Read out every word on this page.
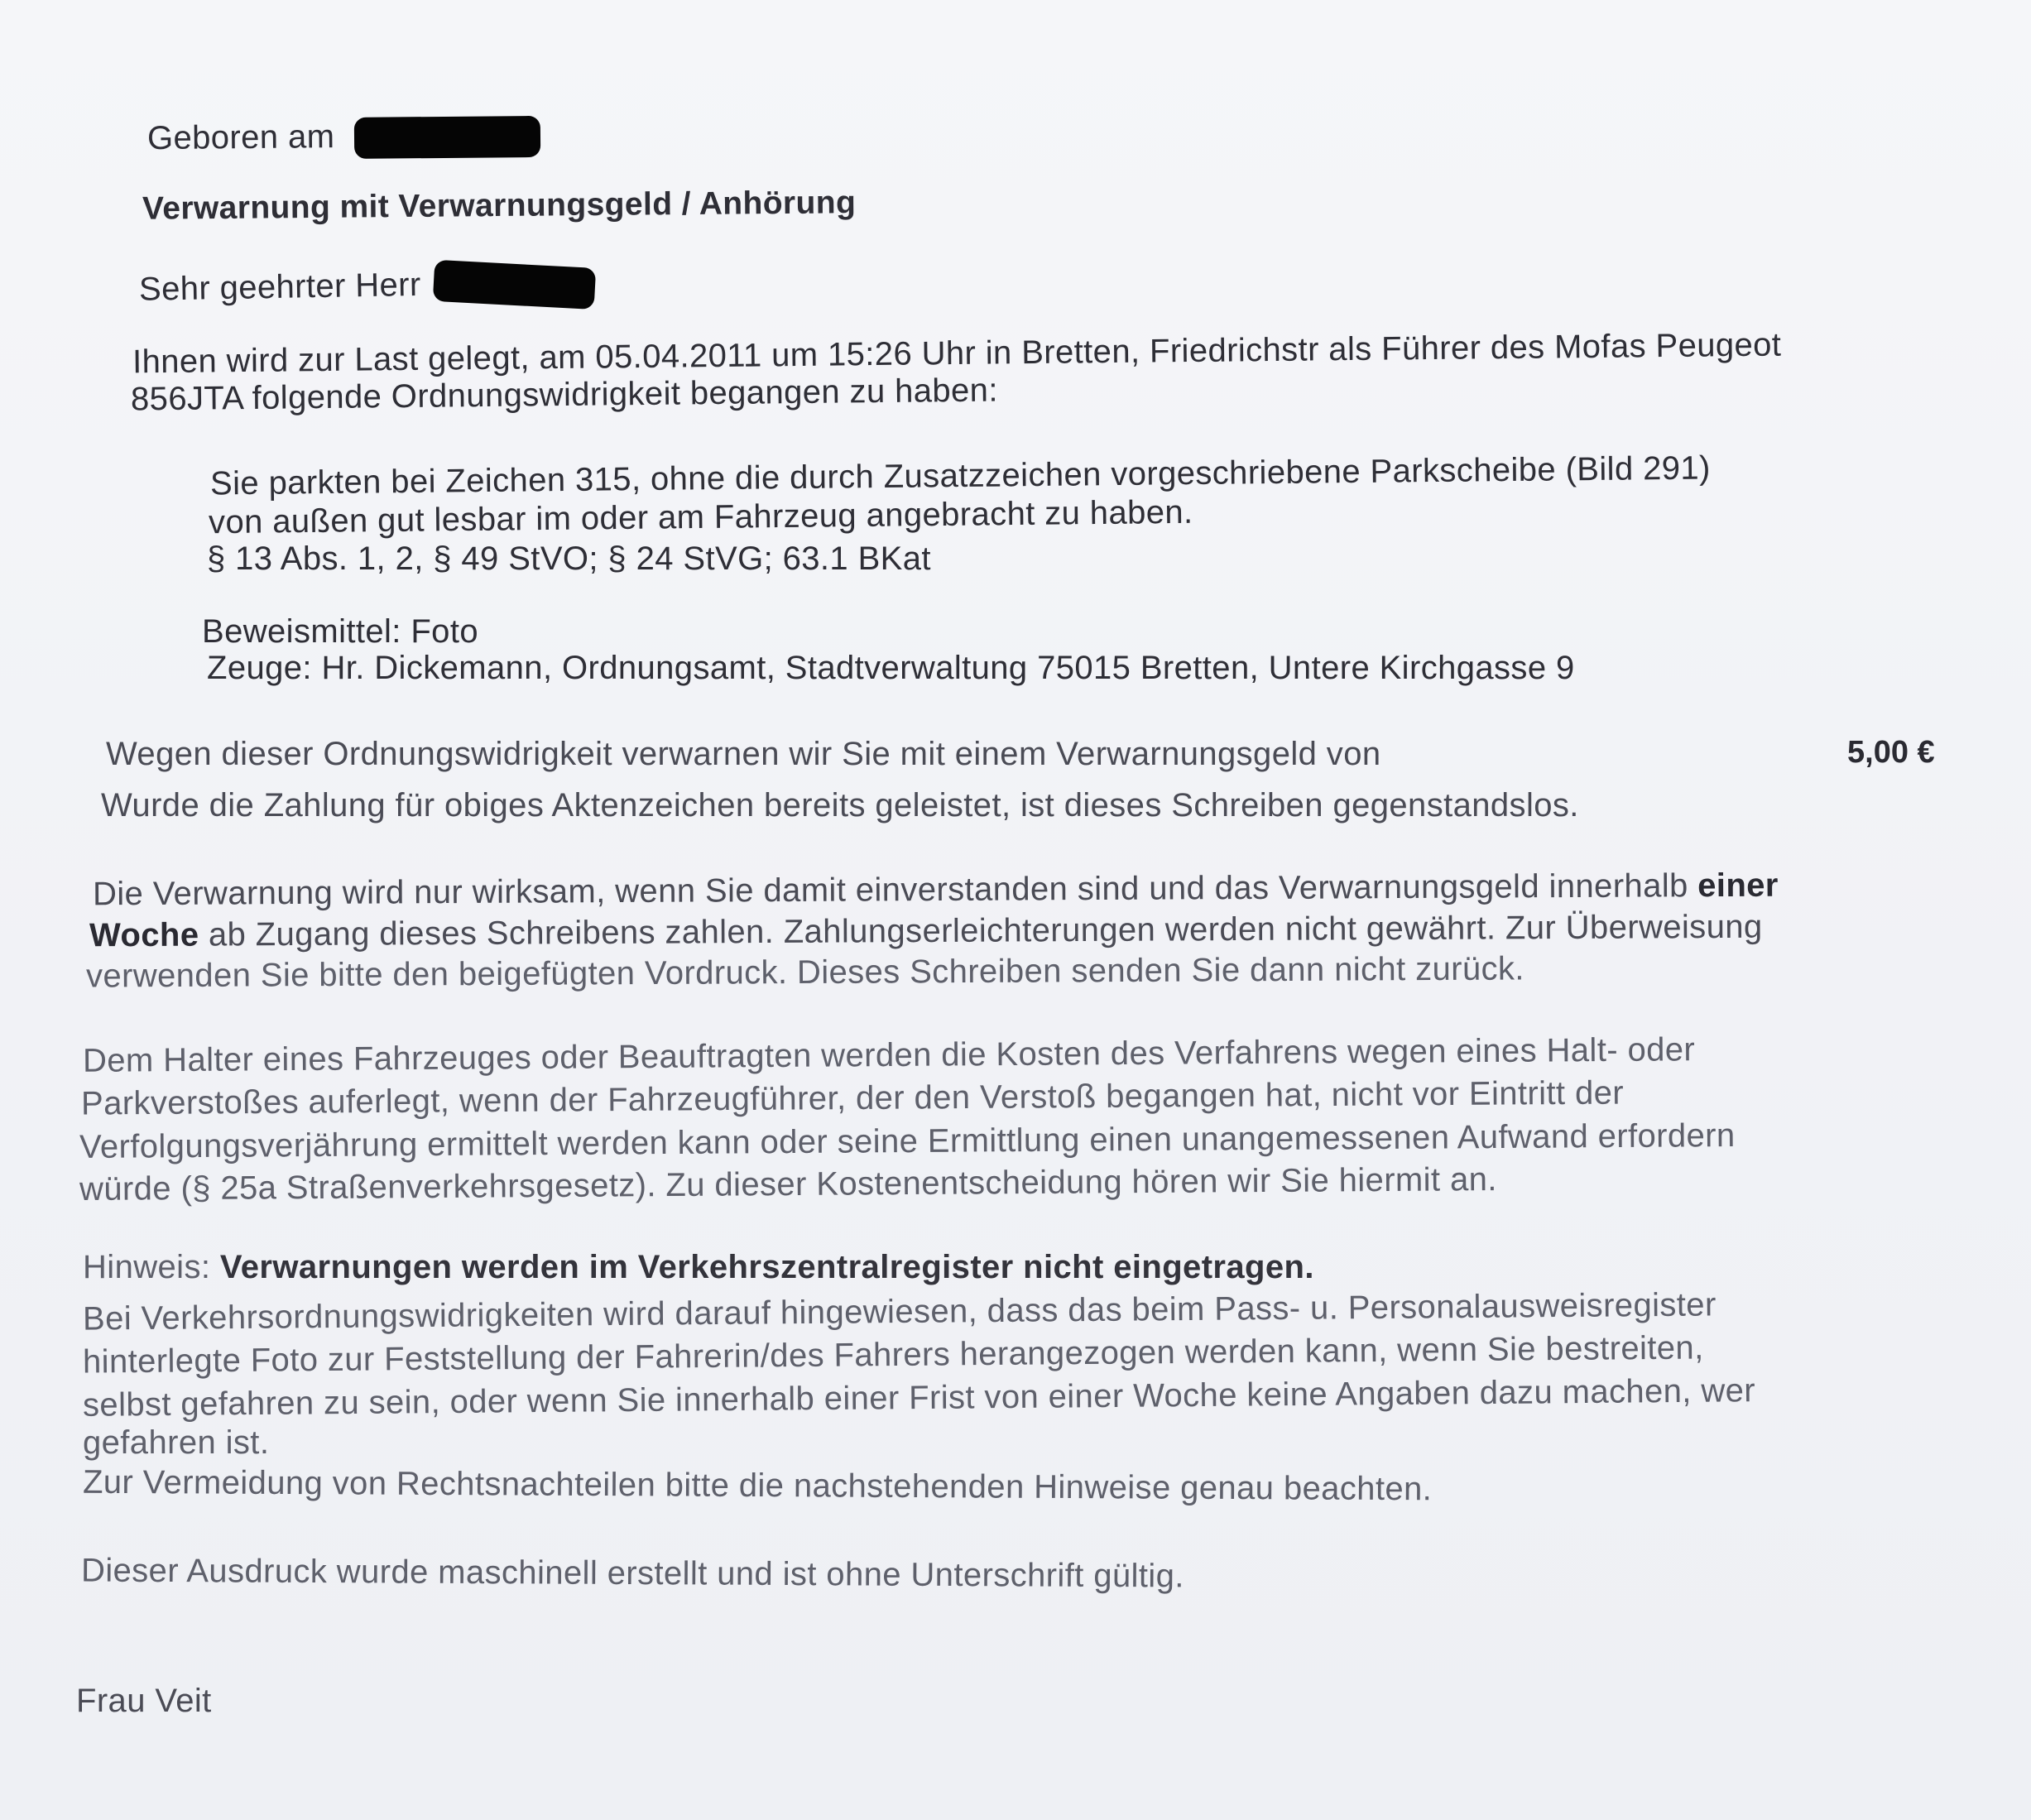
Geboren am
Verwarnung mit Verwarnungsgeld / Anhörung
Sehr geehrter Herr
Ihnen wird zur Last gelegt, am 05.04.2011 um 15:26 Uhr in Bretten, Friedrichstr als Führer des Mofas Peugeot
856JTA folgende Ordnungswidrigkeit begangen zu haben:
Sie parkten bei Zeichen 315, ohne die durch Zusatzzeichen vorgeschriebene Parkscheibe (Bild 291)
von außen gut lesbar im oder am Fahrzeug angebracht zu haben.
§ 13 Abs. 1, 2, § 49 StVO; § 24 StVG; 63.1 BKat
Beweismittel: Foto
Zeuge: Hr. Dickemann, Ordnungsamt, Stadtverwaltung 75015 Bretten, Untere Kirchgasse 9
Wegen dieser Ordnungswidrigkeit verwarnen wir Sie mit einem Verwarnungsgeld von	5,00 €
Wurde die Zahlung für obiges Aktenzeichen bereits geleistet, ist dieses Schreiben gegenstandslos.
Die Verwarnung wird nur wirksam, wenn Sie damit einverstanden sind und das Verwarnungsgeld innerhalb einer
Woche ab Zugang dieses Schreibens zahlen. Zahlungserleichterungen werden nicht gewährt. Zur Überweisung
verwenden Sie bitte den beigefügten Vordruck. Dieses Schreiben senden Sie dann nicht zurück.
Dem Halter eines Fahrzeuges oder Beauftragten werden die Kosten des Verfahrens wegen eines Halt- oder
Parkverstoßes auferlegt, wenn der Fahrzeugführer, der den Verstoß begangen hat, nicht vor Eintritt der
Verfolgungsverjährung ermittelt werden kann oder seine Ermittlung einen unangemessenen Aufwand erfordern
würde (§ 25a Straßenverkehrsgesetz). Zu dieser Kostenentscheidung hören wir Sie hiermit an.
Hinweis: Verwarnungen werden im Verkehrszentralregister nicht eingetragen.
Bei Verkehrsordnungswidrigkeiten wird darauf hingewiesen, dass das beim Pass- u. Personalausweisregister
hinterlegte Foto zur Feststellung der Fahrerin/des Fahrers herangezogen werden kann, wenn Sie bestreiten,
selbst gefahren zu sein, oder wenn Sie innerhalb einer Frist von einer Woche keine Angaben dazu machen, wer
gefahren ist.
Zur Vermeidung von Rechtsnachteilen bitte die nachstehenden Hinweise genau beachten.
Dieser Ausdruck wurde maschinell erstellt und ist ohne Unterschrift gültig.
Frau Veit
